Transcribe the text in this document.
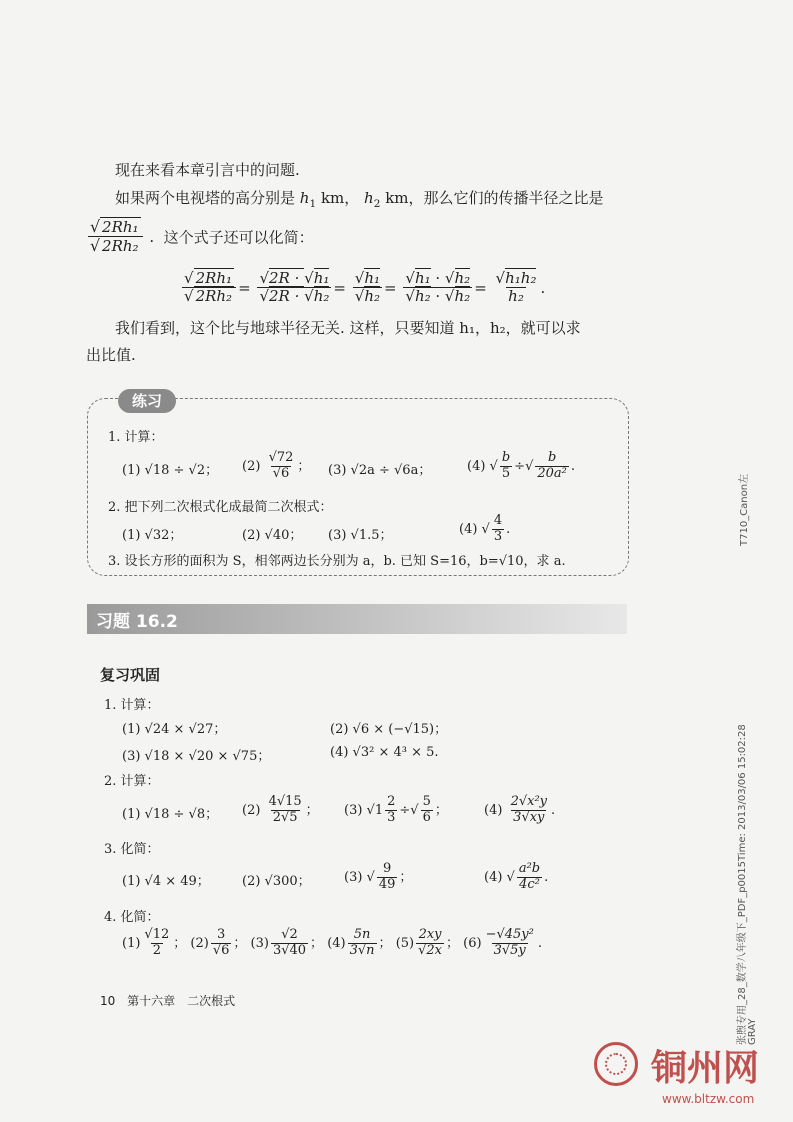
现在来看本章引言中的问题.
如果两个电视塔的高分别是 $h_1$ km， $h_2$ km，那么它们的传播半径之比是
$\frac{\text{√ 2Rh₁}}{\text{√ 2Rh₂}}$ .  这个式子还可以化简：
$\frac{\text{√ 2Rh₁}}{\text{√ 2Rh₂}} = \frac{\text{√2R · √h₁}}{\text{√2R · √h₂}} = \frac{\text{√h₁}}{\text{√h₂}} = \frac{\text{√h₁ · √h₂}}{\text{√h₂ · √h₂}} = \frac{\text{√h₁h₂}}{\text{h₂}}$ .
我们看到，这个比与地球半径无关. 这样，只要知道 h₁，h₂，就可以求
出比值.
练习
1. 计算：
(1) √18 ÷ √2； $(2) \frac{√72}{√6}$ ； (3) √2a ÷ √6a；	(4) √ $\frac{b}{5}$ ÷√ $\frac{b}{\text{20a²}}$ .
2. 把下列二次根式化成最简二次根式：
(1) √32；	(2) √40； (3) √1.5；	(4) √ $\frac{4}{3}$ .
3. 设长方形的面积为 S，相邻两边长分别为 a，b. 已知 S=16，b=√10，求 a.
习题 16.2
复习巩固
1. 计算：
(1) √24 × √27；	(2) √6 × (−√15)；
(3) √18 × √20 × √75；	(4) √3² × 4³ × 5.
2. 计算：
(1) √18 ÷ √8； $(2) \frac{4√15}{2√5}$ ； (3) $√1 \frac{2}{3}$ ÷√ $\frac{5}{6}$ ；	$(4) \frac{\text{2√x²y}}{3√xy}$ .
3. 化简：
(1) √4 × 49； (2) √300；	(3) √ $\frac{9}{49}$ ；	(4) √ $\frac{\text{a²b}}{\text{4c²}}$ .
4. 化简：
$(1) \frac{√12}{2}$ ； $(2) \frac{3}{√6}$ ； $(3) \frac{√2}{3√40}$ ； $(4) \frac{5n}{3√n}$ ； $(5) \frac{2xy}{√2x}$ ； $(6) \frac{\text{−√45y²}}{3√5y}$ .
10 第十六章　二次根式
T710_Canon左
张煦专用_28_数学八年级下_PDF_p0015Time: 2013/03/06 15:02:28 GRAY
铜州网
www.bltzw.com
